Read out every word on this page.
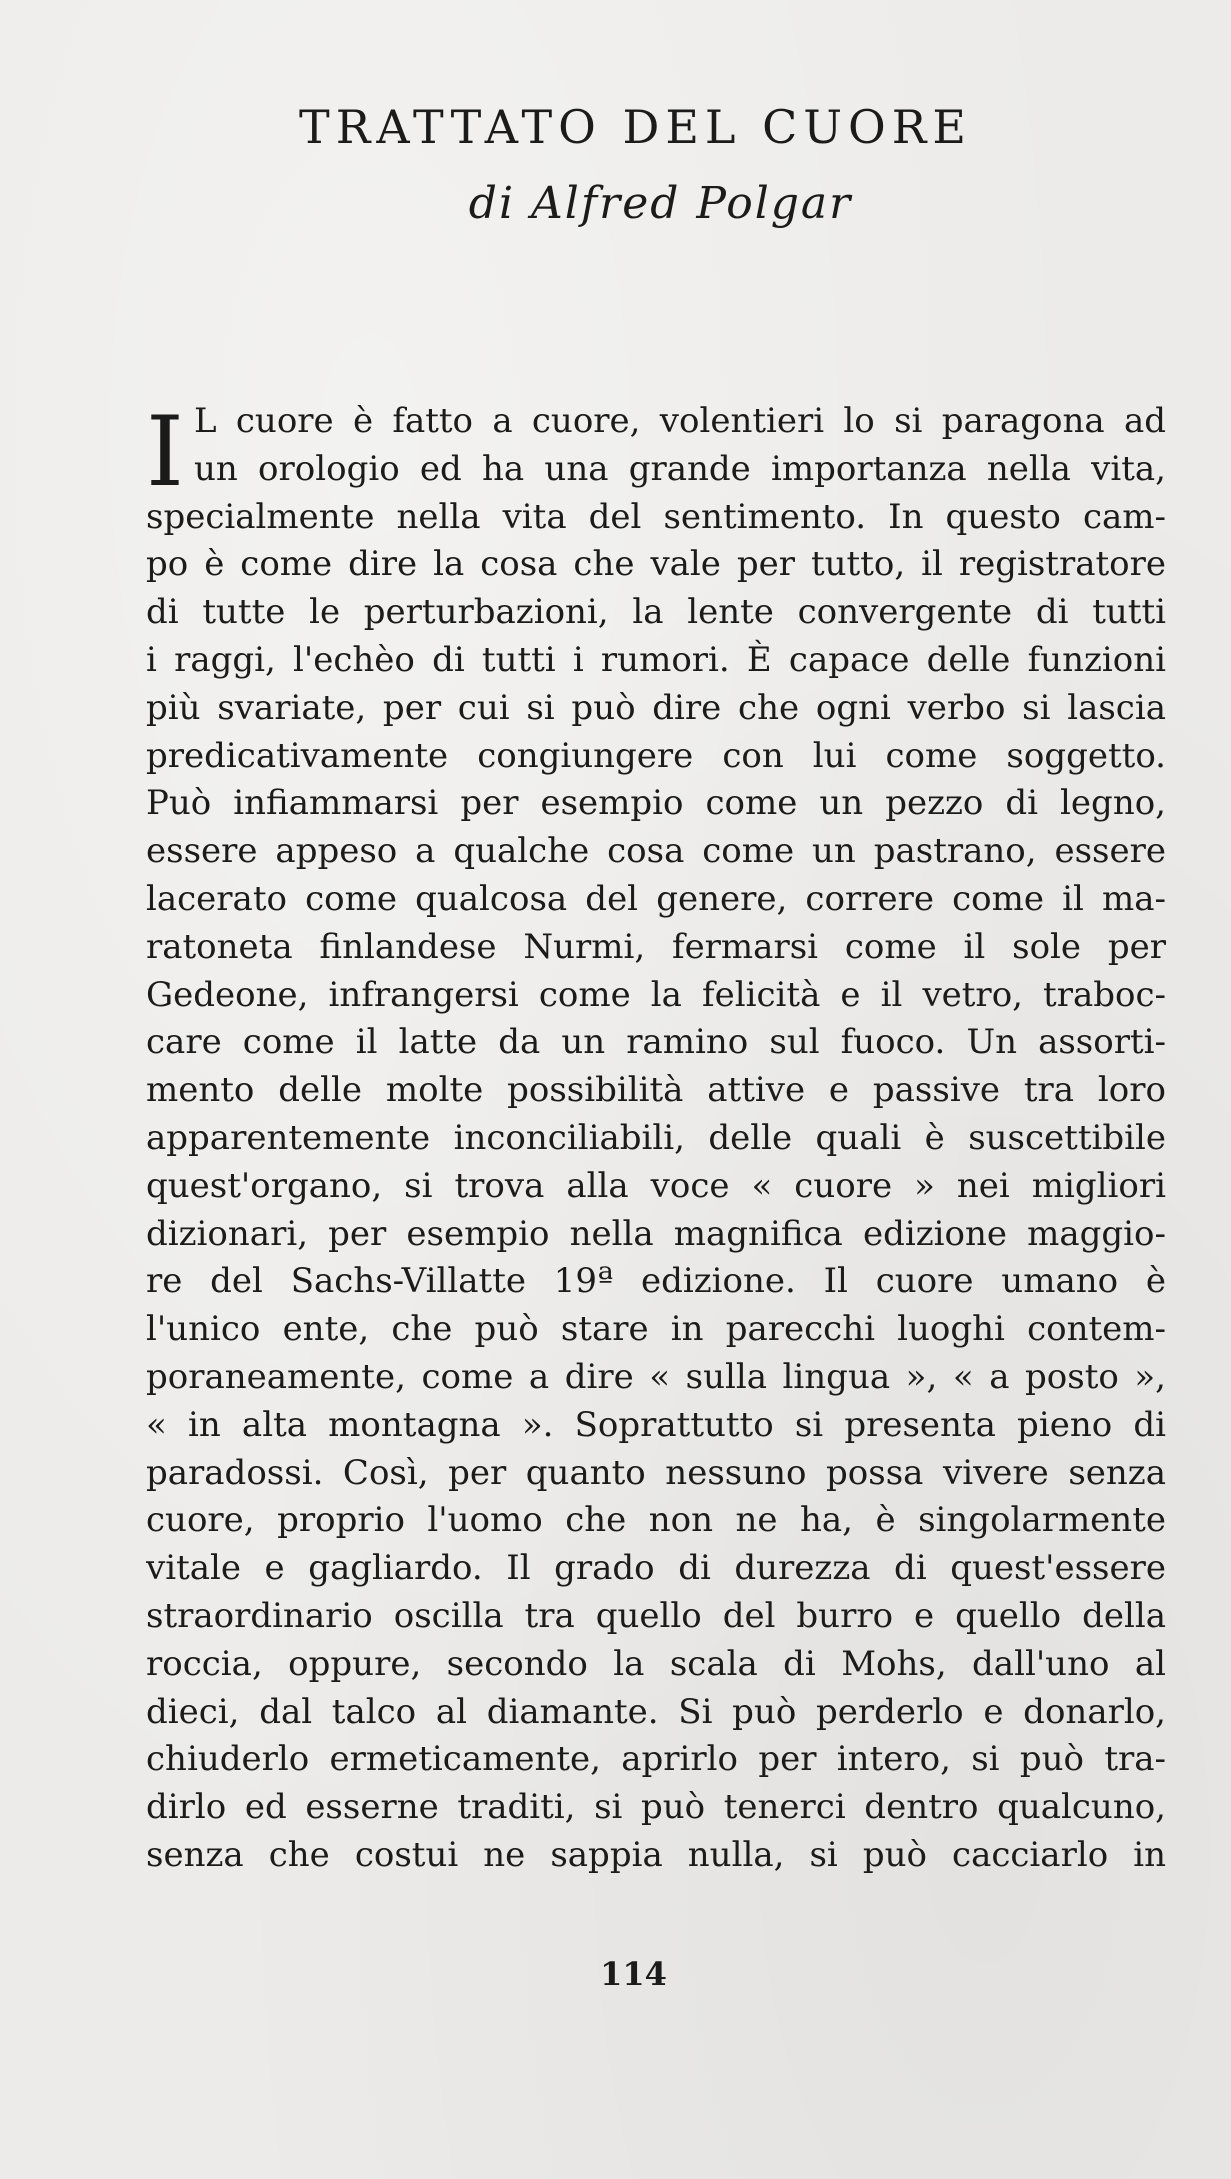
TRATTATO DEL CUORE
di Alfred Polgar
I L cuore è fatto a cuore, volentieri lo si paragona ad
un orologio ed ha una grande importanza nella vita,
specialmente nella vita del sentimento. In questo cam-
po è come dire la cosa che vale per tutto, il registratore
di tutte le perturbazioni, la lente convergente di tutti
i raggi, l'echèo di tutti i rumori. È capace delle funzioni
più svariate, per cui si può dire che ogni verbo si lascia
predicativamente congiungere con lui come soggetto.
Può infiammarsi per esempio come un pezzo di legno,
essere appeso a qualche cosa come un pastrano, essere
lacerato come qualcosa del genere, correre come il ma-
ratoneta finlandese Nurmi, fermarsi come il sole per
Gedeone, infrangersi come la felicità e il vetro, traboc-
care come il latte da un ramino sul fuoco. Un assorti-
mento delle molte possibilità attive e passive tra loro
apparentemente inconciliabili, delle quali è suscettibile
quest'organo, si trova alla voce « cuore » nei migliori
dizionari, per esempio nella magnifica edizione maggio-
re del Sachs-Villatte 19ª edizione. Il cuore umano è
l'unico ente, che può stare in parecchi luoghi contem-
poraneamente, come a dire « sulla lingua », « a posto »,
« in alta montagna ». Soprattutto si presenta pieno di
paradossi. Così, per quanto nessuno possa vivere senza
cuore, proprio l'uomo che non ne ha, è singolarmente
vitale e gagliardo. Il grado di durezza di quest'essere
straordinario oscilla tra quello del burro e quello della
roccia, oppure, secondo la scala di Mohs, dall'uno al
dieci, dal talco al diamante. Si può perderlo e donarlo,
chiuderlo ermeticamente, aprirlo per intero, si può tra-
dirlo ed esserne traditi, si può tenerci dentro qualcuno,
senza che costui ne sappia nulla, si può cacciarlo in
114
